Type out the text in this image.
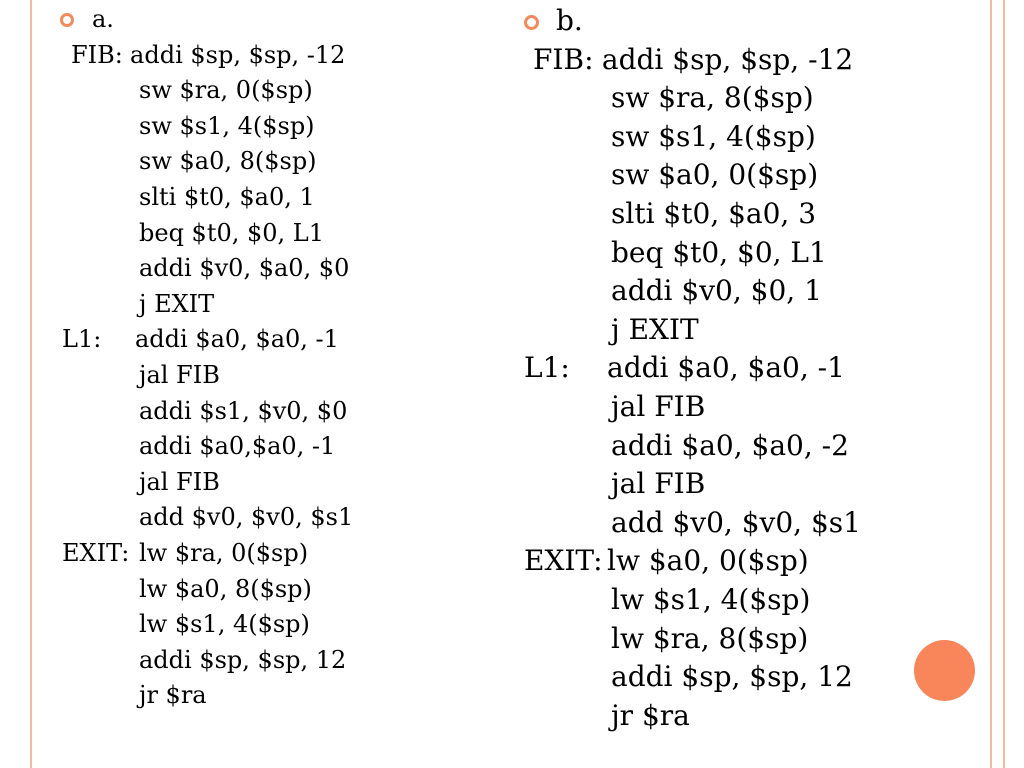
a.
FIB: addi $sp, $sp, -12
sw $ra, 0($sp)
sw $s1, 4($sp)
sw $a0, 8($sp)
slti $t0, $a0, 1
beq $t0, $0, L1
addi $v0, $a0, $0
j EXIT
L1: addi $a0, $a0, -1
jal FIB
addi $s1, $v0, $0
addi $a0,$a0, -1
jal FIB
add $v0, $v0, $s1
EXIT: lw $ra, 0($sp)
lw $a0, 8($sp)
lw $s1, 4($sp)
addi $sp, $sp, 12
jr $ra
b.
FIB: addi $sp, $sp, -12
sw $ra, 8($sp)
sw $s1, 4($sp)
sw $a0, 0($sp)
slti $t0, $a0, 3
beq $t0, $0, L1
addi $v0, $0, 1
j EXIT
L1: addi $a0, $a0, -1
jal FIB
addi $a0, $a0, -2
jal FIB
add $v0, $v0, $s1
EXIT: lw $a0, 0($sp)
lw $s1, 4($sp)
lw $ra, 8($sp)
addi $sp, $sp, 12
jr $ra
